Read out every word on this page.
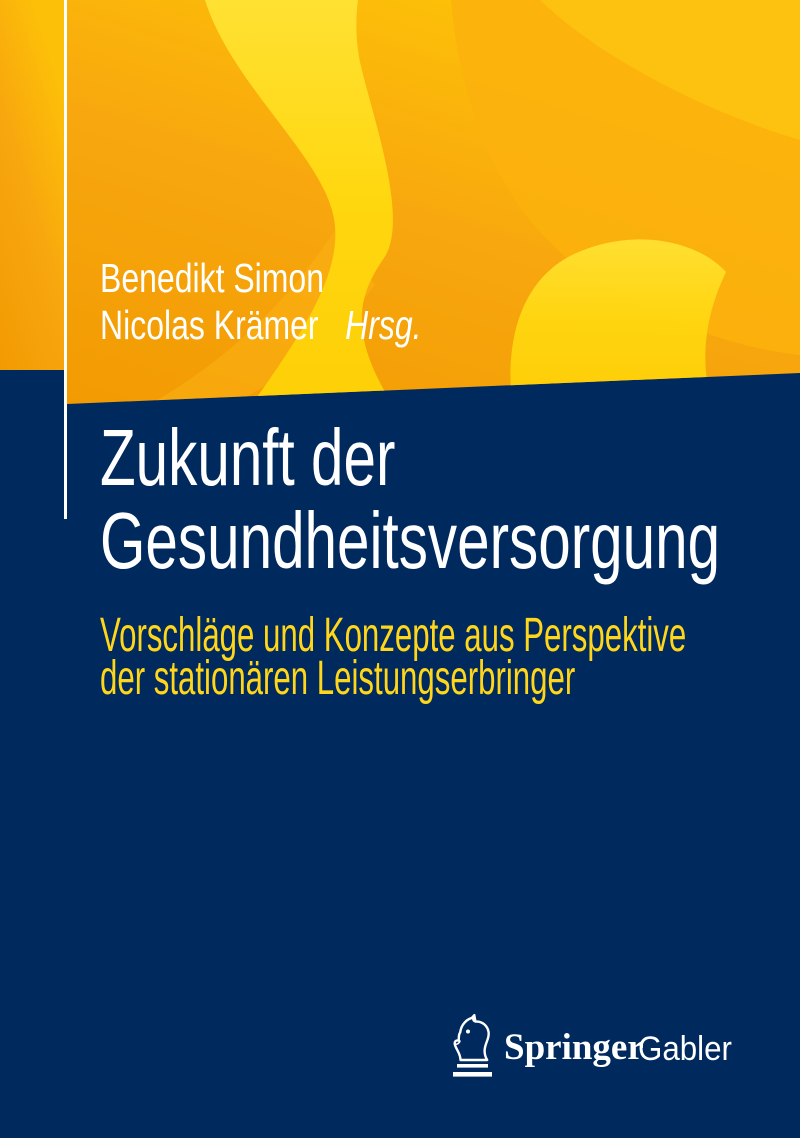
Benedikt Simon
Nicolas Krämer Hrsg.
Zukunft der
Gesundheitsversorgung
Vorschläge und Konzepte aus Perspektive
der stationären Leistungserbringer
Springer
Gabler
